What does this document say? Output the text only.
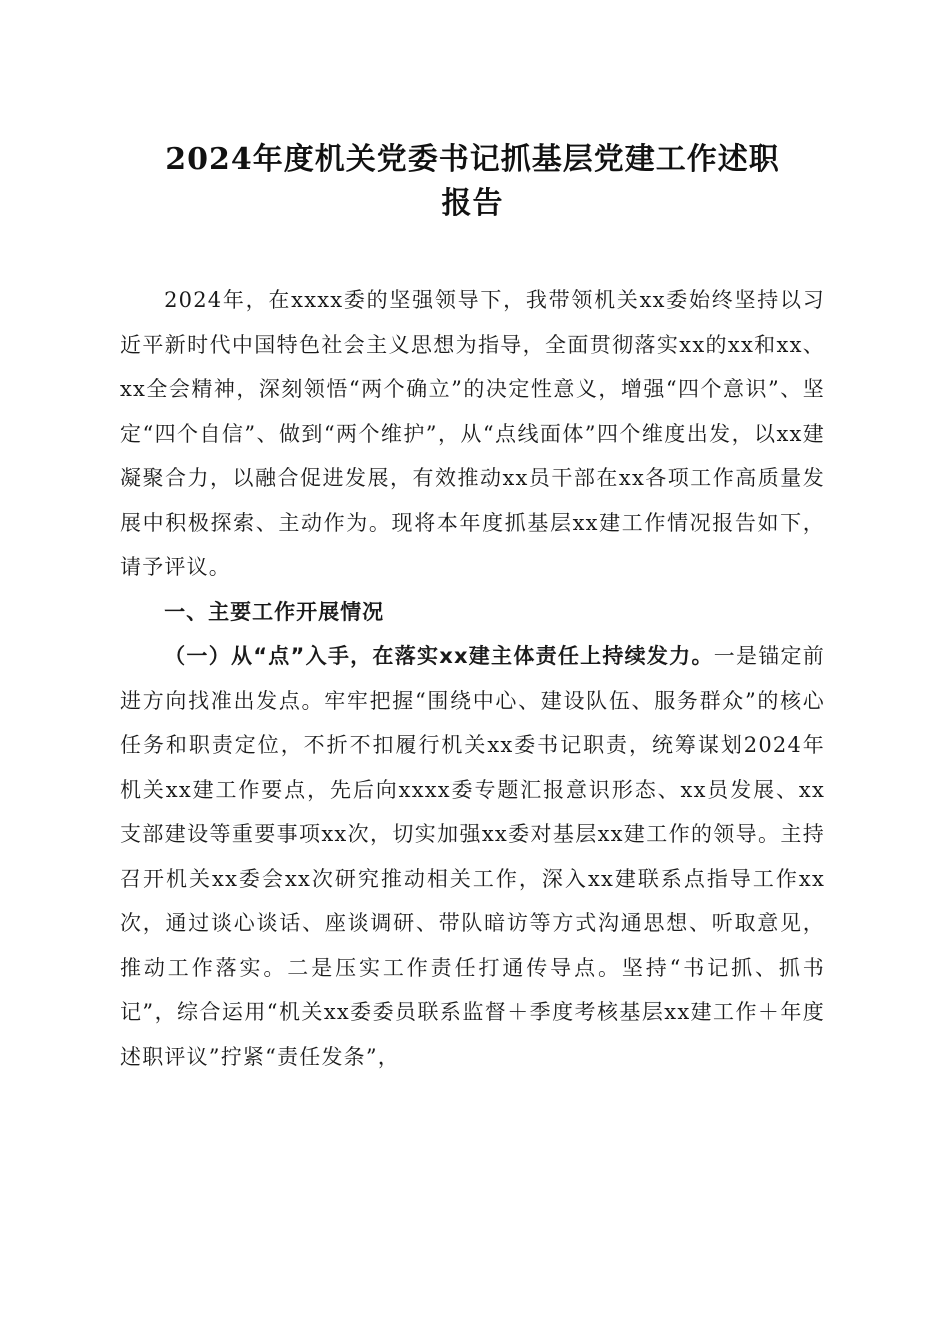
2024年度机关党委书记抓基层党建工作述职
报告

2024年，在xxxx委的坚强领导下，我带领机关xx委始终坚持以习近平新时代中国特色社会主义思想为指导，全面贯彻落实xx的xx和xx、xx全会精神，深刻领悟“两个确立”的决定性意义，增强“四个意识”、坚定“四个自信”、做到“两个维护”，从“点线面体”四个维度出发，以xx建凝聚合力，以融合促进发展，有效推动xx员干部在xx各项工作高质量发展中积极探索、主动作为。现将本年度抓基层xx建工作情况报告如下，请予评议。

一、主要工作开展情况

（一）从“点”入手，在落实xx建主体责任上持续发力。一是锚定前进方向找准出发点。牢牢把握“围绕中心、建设队伍、服务群众”的核心任务和职责定位，不折不扣履行机关xx委书记职责，统筹谋划2024年机关xx建工作要点，先后向xxxx委专题汇报意识形态、xx员发展、xx支部建设等重要事项xx次，切实加强xx委对基层xx建工作的领导。主持召开机关xx委会xx次研究推动相关工作，深入xx建联系点指导工作xx次，通过谈心谈话、座谈调研、带队暗访等方式沟通思想、听取意见，推动工作落实。二是压实工作责任打通传导点。坚持“书记抓、抓书记”，综合运用“机关xx委委员联系监督＋季度考核基层xx建工作＋年度述职评议”拧紧“责任发条”，
